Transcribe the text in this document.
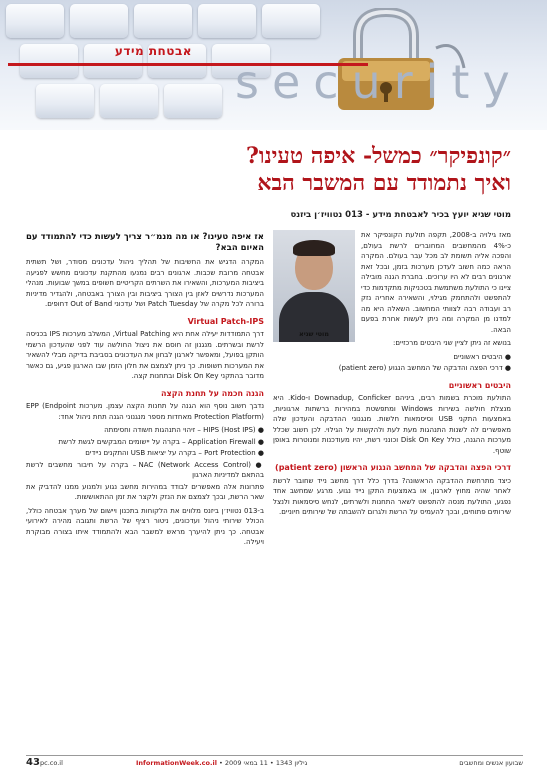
אבטחת מידע
security
״קונפיקר״ כמשל- איפה טעינו?
ואיך נתמודד עם המשבר הבא
מוטי שגיא יועץ בכיר לאבטחת מידע - 013 נטוויז׳ן ביזנס
מוטי שגיא

מאז גילויה ב-2008, תקפה תולעת הקונפיקר את כ-4% מהמחשבים המחוברים לרשת בעולם, והפכה אליה תשומת לב מכל עבר בעולם. המקרה הראה כמה חשוב לעדכן מערכות בזמן, ובכל זאת ארגונים רבים לא היו ערוכים. בחברת הגנה מובילה ציינו כי התולעת משתמשת בטכניקות מתקדמות כדי להתפשט ולהתחמק מגילוי, והשאירה אחריה נזק רב ועבודה רבה לצוותי המחשוב. השאלה היא מה למדנו מן המקרה ומה ניתן לעשות אחרת בפעם הבאה.

בנושא זה ניתן לציין שני היבטים מרכזיים:

● היבטים ראשוניים
● דרכי הפצה והדבקה של המחשב הנגוע (patient zero)
היבטים ראשוניים

התולעת מוכרת בשמות רבים, ביניהם Downadup, Conficker ו-Kido. היא מנצלת חולשה בשירות Windows ומתפשטת במהירות ברשתות ארגוניות, באמצעות התקני USB וסיסמאות חלשות. מנגנוני ההדבקה והעדכון שלה מאפשרים לה לשנות התנהגות מעת לעת ולהקשות על הגילוי. לכן חשוב שכלל מערכות ההגנה, כולל Disk On Key וכונני רשת, יהיו מעודכנות ומנוטרות באופן שוטף.

דרכי הפצה והדבקה של המחשב הנגוע הראשון (patient zero)

כיצד מתרחשת ההדבקה הראשונה? בדרך כלל דרך מחשב נייד שחובר לרשת לאחר שהיה מחוץ לארגון, או באמצעות התקן נייד נגוע. מרגע שמחשב אחד נפגע, התולעת מנסה להתפשט לשאר התחנות ולשרתים, לנחש סיסמאות ולנצל שירותים פתוחים, ובכך להעמיס על הרשת ולגרום להשבתה של שירותים חיוניים.

אז איפה טעינו? או מה מנמ״ר צריך לעשות כדי להתמודד עם האיום הבא?

המקרה הדגיש את החשיבות של תהליך ניהול עדכונים מסודר, ושל תשתית אבטחה מרובת שכבות. ארגונים רבים נמנעו מהתקנת עדכונים מחשש לפגיעה ביציבות המערכות, והשאירו את השרתים הקריטיים חשופים במשך שבועות. מנהלי המערכות נדרשים לאזן בין הצורך ביציבות ובין הצורך באבטחה, ולהגדיר מדיניות ברורה לכל מקרה של Patch Tuesday ושל עדכוני Out of Band דחופים.

Virtual Patch-IPS

דרך התמודדות יעילה אחת היא Virtual Patching, המשלב מערכות IPS בכניסה לרשת ובשרתים. מנגנון זה חוסם את ניצול החולשה עוד לפני שהעדכון הרשמי הותקן בפועל, ומאפשר לארגון לבחון את העדכונים בסביבת בדיקה מבלי להשאיר את המערכות חשופות. כך ניתן לצמצם את חלון הזמן שבו הארגון פגיע, גם כאשר מדובר בהתקני Disk On Key ובתחנות קצה.

הגנה חכמה על תחנת הקצה

נדבך חשוב נוסף הוא הגנה על תחנות הקצה עצמן. מערכות EPP (Endpoint Protection Platform) מאחדות מספר מנגנוני הגנה תחת ניהול אחד:

● HIPS (Host IPS) – זיהוי התנהגות חשודה וחסימתה
● Application Firewall – בקרה על יישומים המבקשים לגשת לרשת
● Port Protection – בקרה על יציאות USB והתקנים ניידים
● NAC (Network Access Control) – בקרה על חיבור מחשבים לרשת בהתאם למדיניות הארגון

פתרונות אלה מאפשרים לבודד במהירות מחשב נגוע ולמנוע ממנו להדביק את שאר הרשת, ובכך לצמצם את הנזק ולקצר את זמן ההתאוששות.

ב-013 נטוויז׳ן ביזנס מלווים את הלקוחות בתכנון ויישום של מערך אבטחה כולל, הכולל שירותי ניהול ועדכונים, ניטור רציף של הרשת ותגובה מהירה לאירועי אבטחה. כך ניתן להיערך מראש למשבר הבא ולהתמודד איתו בצורה מבוקרת ויעילה.

43 pc.co.il	גיליון 1343 • 11 במאי 2009 • InformationWeek.co.il	שבועון אנשים ומחשבים
